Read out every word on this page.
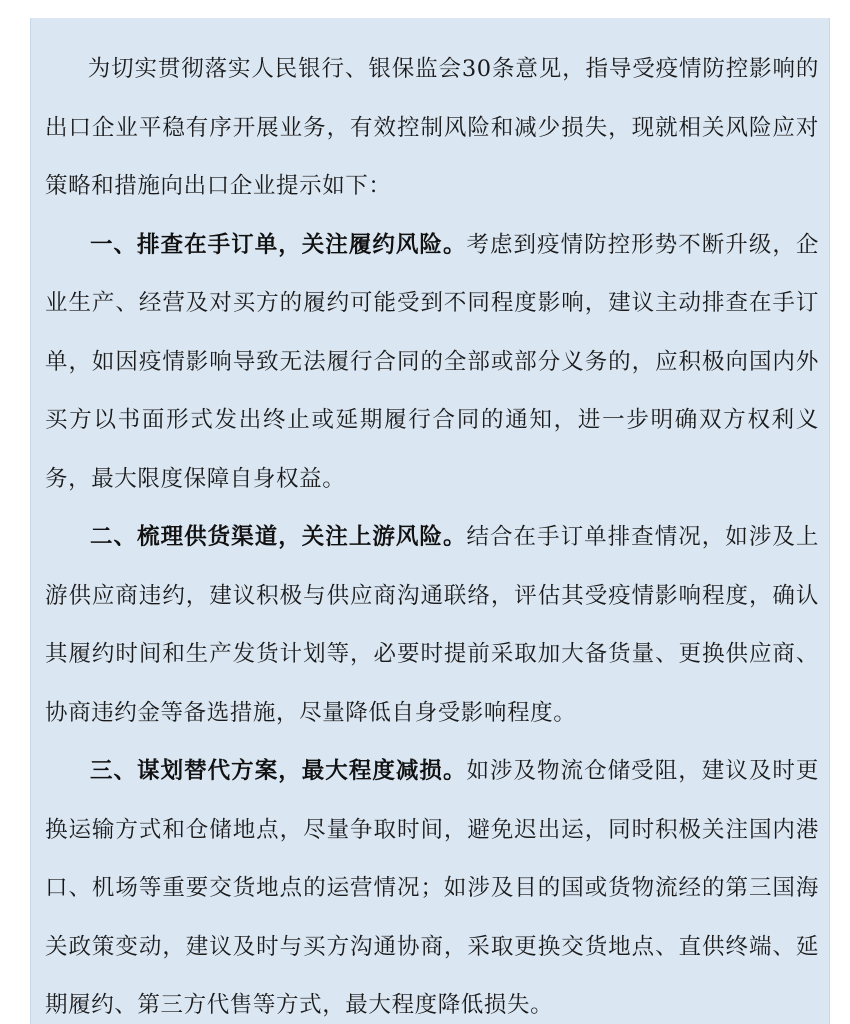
为切实贯彻落实人民银行、银保监会30条意见，指导受疫情防控影响的出口企业平稳有序开展业务，有效控制风险和减少损失，现就相关风险应对策略和措施向出口企业提示如下：

一、排查在手订单，关注履约风险。考虑到疫情防控形势不断升级，企业生产、经营及对买方的履约可能受到不同程度影响，建议主动排查在手订单，如因疫情影响导致无法履行合同的全部或部分义务的，应积极向国内外买方以书面形式发出终止或延期履行合同的通知，进一步明确双方权利义务，最大限度保障自身权益。

二、梳理供货渠道，关注上游风险。结合在手订单排查情况，如涉及上游供应商违约，建议积极与供应商沟通联络，评估其受疫情影响程度，确认其履约时间和生产发货计划等，必要时提前采取加大备货量、更换供应商、协商违约金等备选措施，尽量降低自身受影响程度。

三、谋划替代方案，最大程度减损。如涉及物流仓储受阻，建议及时更换运输方式和仓储地点，尽量争取时间，避免迟出运，同时积极关注国内港口、机场等重要交货地点的运营情况；如涉及目的国或货物流经的第三国海关政策变动，建议及时与买方沟通协商，采取更换交货地点、直供终端、延期履约、第三方代售等方式，最大程度降低损失。
